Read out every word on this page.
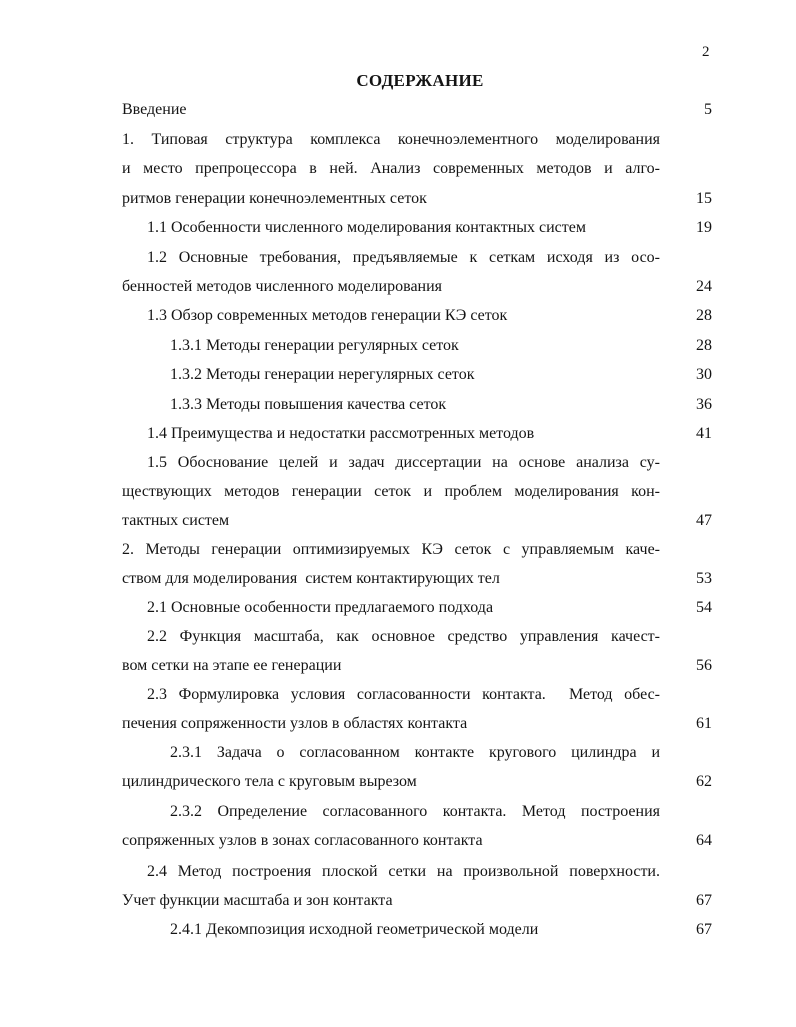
2
СОДЕРЖАНИЕ
Введение	5
1. Типовая структура комплекса конечноэлементного моделирования
и место препроцессора в ней. Анализ современных методов и алго-
ритмов генерации конечноэлементных сеток	15
1.1 Особенности численного моделирования контактных систем	19
1.2 Основные требования, предъявляемые к сеткам исходя из осо-
бенностей методов численного моделирования	24
1.3 Обзор современных методов генерации КЭ сеток	28
1.3.1 Методы генерации регулярных сеток	28
1.3.2 Методы генерации нерегулярных сеток	30
1.3.3 Методы повышения качества сеток	36
1.4 Преимущества и недостатки рассмотренных методов	41
1.5 Обоснование целей и задач диссертации на основе анализа су-
ществующих методов генерации сеток и проблем моделирования кон-
тактных систем	47
2. Методы генерации оптимизируемых КЭ сеток с управляемым каче-
ством для моделирования  систем контактирующих тел	53
2.1 Основные особенности предлагаемого подхода	54
2.2 Функция масштаба, как основное средство управления качест-
вом сетки на этапе ее генерации	56
2.3 Формулировка условия согласованности контакта.  Метод обес-
печения сопряженности узлов в областях контакта	61
2.3.1 Задача о согласованном контакте кругового цилиндра и
цилиндрического тела с круговым вырезом	62
2.3.2 Определение согласованного контакта. Метод построения
сопряженных узлов в зонах согласованного контакта	64
2.4 Метод построения плоской сетки на произвольной поверхности.
Учет функции масштаба и зон контакта	67
2.4.1 Декомпозиция исходной геометрической модели	67
